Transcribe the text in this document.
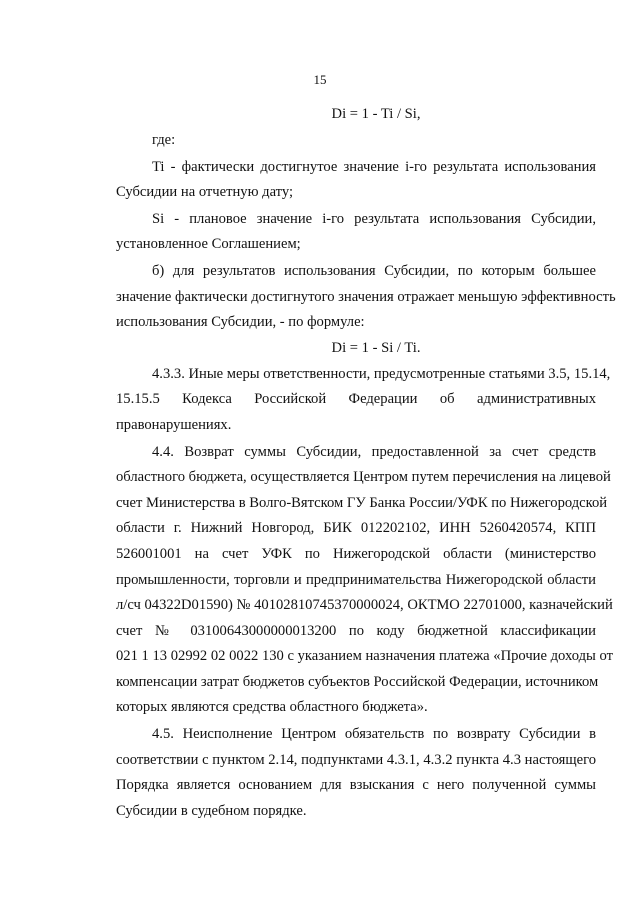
15
Di = 1 - Ti / Si,
где:
Ti - фактически достигнутое значение i-го результата использования
Субсидии на отчетную дату;
Si - плановое значение i-го результата использования Субсидии,
установленное Соглашением;
б) для результатов использования Субсидии, по которым большее
значение фактически достигнутого значения отражает меньшую эффективность
использования Субсидии, - по формуле:
Di = 1 - Si / Ti.
4.3.3. Иные меры ответственности, предусмотренные статьями 3.5, 15.14,
15.15.5 Кодекса Российской Федерации об административных
правонарушениях.
4.4. Возврат суммы Субсидии, предоставленной за счет средств
областного бюджета, осуществляется Центром путем перечисления на лицевой
счет Министерства в Волго-Вятском ГУ Банка России/УФК по Нижегородской
области г. Нижний Новгород, БИК 012202102, ИНН 5260420574, КПП
526001001 на счет УФК по Нижегородской области (министерство
промышленности, торговли и предпринимательства Нижегородской области
л/сч 04322D01590) № 40102810745370000024, ОКТМО 22701000, казначейский
счет № 03100643000000013200 по коду бюджетной классификации
021 1 13 02992 02 0022 130 с указанием назначения платежа «Прочие доходы от
компенсации затрат бюджетов субъектов Российской Федерации, источником
которых являются средства областного бюджета».
4.5. Неисполнение Центром обязательств по возврату Субсидии в
соответствии с пунктом 2.14, подпунктами 4.3.1, 4.3.2 пункта 4.3 настоящего
Порядка является основанием для взыскания с него полученной суммы
Субсидии в судебном порядке.
